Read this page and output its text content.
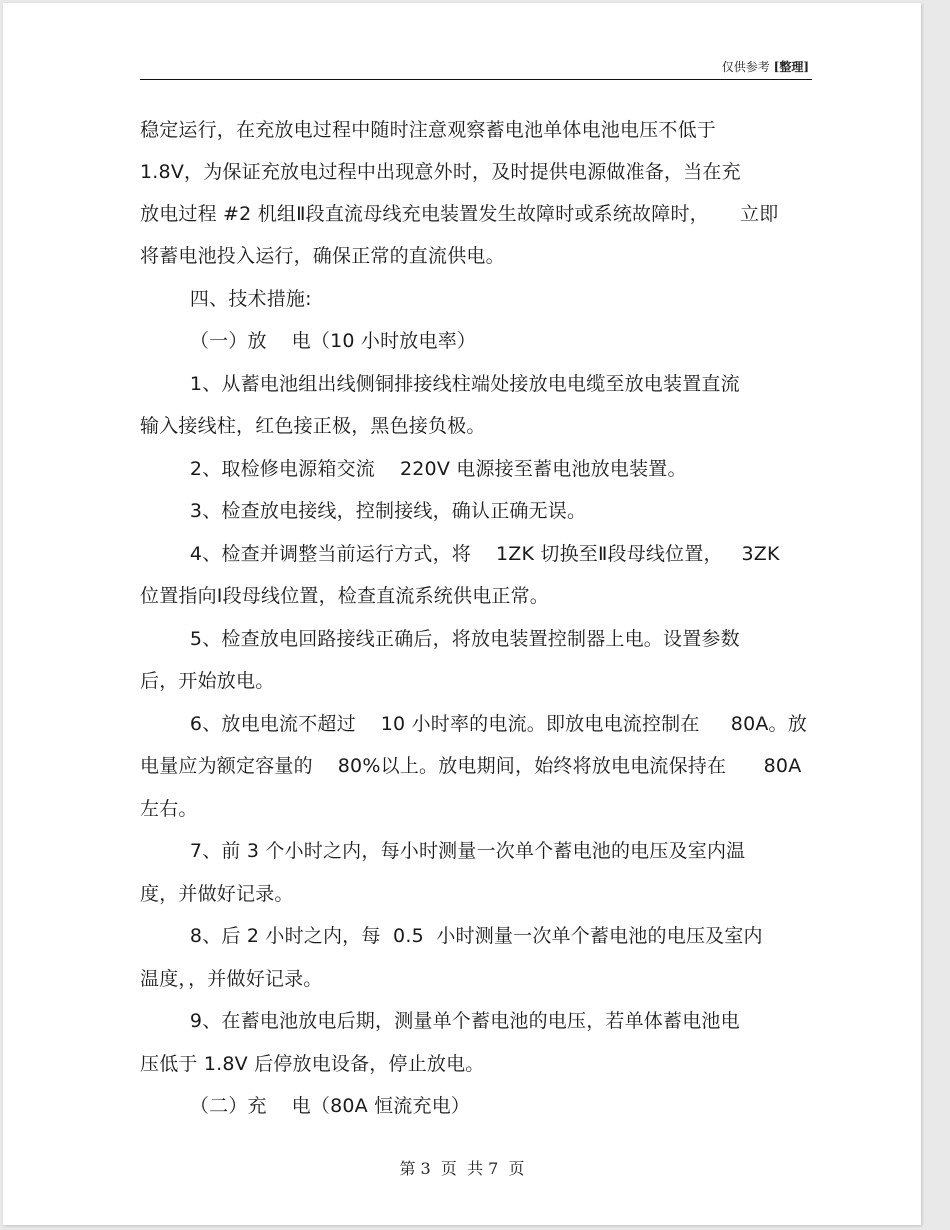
仅供参考 [整理]
稳定运行，在充放电过程中随时注意观察蓄电池单体电池电压不低于
1.8V，为保证充放电过程中出现意外时，及时提供电源做准备，当在充
放电过程 #2 机组Ⅱ段直流母线充电装置发生故障时或系统故障时，     立即
将蓄电池投入运行，确保正常的直流供电。
四、技术措施:
（一）放    电（10 小时放电率）
1、从蓄电池组出线侧铜排接线柱端处接放电电缆至放电装置直流
输入接线柱，红色接正极，黑色接负极。
2、取检修电源箱交流    220V 电源接至蓄电池放电装置。
3、检查放电接线，控制接线，确认正确无误。
4、检查并调整当前运行方式，将    1ZK 切换至Ⅱ段母线位置，   3ZK
位置指向Ⅰ段母线位置，检查直流系统供电正常。
5、检查放电回路接线正确后，将放电装置控制器上电。设置参数
后，开始放电。
6、放电电流不超过    10 小时率的电流。即放电电流控制在     80A。放
电量应为额定容量的    80%以上。放电期间，始终将放电电流保持在      80A
左右。
7、前 3 个小时之内，每小时测量一次单个蓄电池的电压及室内温
度，并做好记录。
8、后 2 小时之内，每  0.5  小时测量一次单个蓄电池的电压及室内
温度，，并做好记录。
9、在蓄电池放电后期，测量单个蓄电池的电压，若单体蓄电池电
压低于 1.8V 后停放电设备，停止放电。
（二）充    电（80A 恒流充电）
第 3  页  共 7  页
